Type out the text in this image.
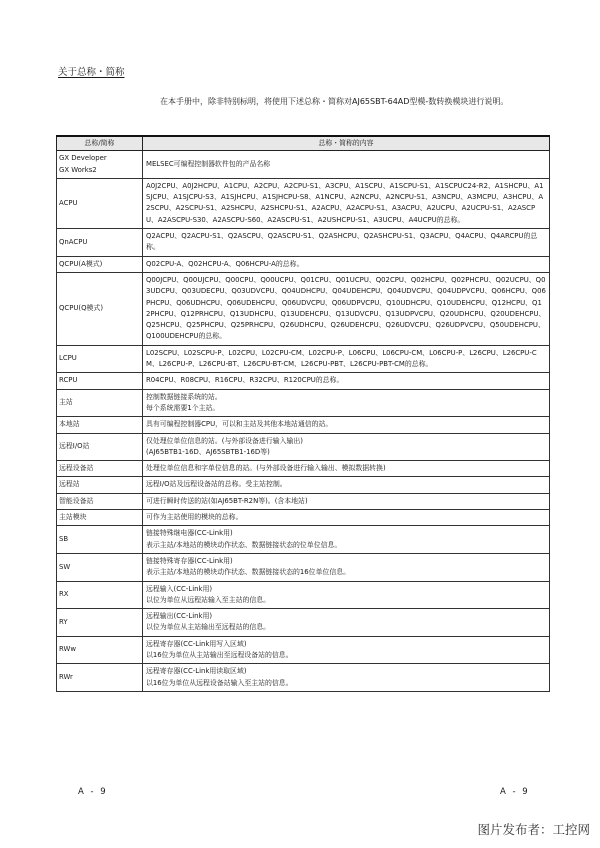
关于总称・简称
在本手册中，除非特别标明，将使用下述总称・简称对AJ65SBT-64AD型模-数转换模块进行说明。
总称/简称	总称・简称的内容

GX Developer
GX Works2	MELSEC可编程控制器软件包的产品名称

ACPU	A0J2CPU、A0J2HCPU、A1CPU、A2CPU、A2CPU-S1、A3CPU、A1SCPU、A1SCPU-S1、A1SCPUC24-R2、A1SHCPU、A1SJCPU、A1SJCPU-S3、A1SJHCPU、A1SJHCPU-S8、A1NCPU、A2NCPU、A2NCPU-S1、A3NCPU、A3MCPU、A3HCPU、A2SCPU、A2SCPU-S1、A2SHCPU、A2SHCPU-S1、A2ACPU、A2ACPU-S1、A3ACPU、A2UCPU、A2UCPU-S1、A2ASCPU、A2ASCPU-S30、A2ASCPU-S60、A2ASCPU-S1、A2USHCPU-S1、A3UCPU、A4UCPU的总称。

QnACPU	Q2ACPU、Q2ACPU-S1、Q2ASCPU、Q2ASCPU-S1、Q2ASHCPU、Q2ASHCPU-S1、Q3ACPU、Q4ACPU、Q4ARCPU的总称。

QCPU(A模式)	Q02CPU-A、Q02HCPU-A、Q06HCPU-A的总称。

QCPU(Q模式)	Q00JCPU、Q00UJCPU、Q00CPU、Q00UCPU、Q01CPU、Q01UCPU、Q02CPU、Q02HCPU、Q02PHCPU、Q02UCPU、Q03UDCPU、Q03UDECPU、Q03UDVCPU、Q04UDHCPU、Q04UDEHCPU、Q04UDVCPU、Q04UDPVCPU、Q06HCPU、Q06PHCPU、Q06UDHCPU、Q06UDEHCPU、Q06UDVCPU、Q06UDPVCPU、Q10UDHCPU、Q10UDEHCPU、Q12HCPU、Q12PHCPU、Q12PRHCPU、Q13UDHCPU、Q13UDEHCPU、Q13UDVCPU、Q13UDPVCPU、Q20UDHCPU、Q20UDEHCPU、Q25HCPU、Q25PHCPU、Q25PRHCPU、Q26UDHCPU、Q26UDEHCPU、Q26UDVCPU、Q26UDPVCPU、Q50UDEHCPU、Q100UDEHCPU的总称。

LCPU	L02SCPU、L02SCPU-P、L02CPU、L02CPU-CM、L02CPU-P、L06CPU、L06CPU-CM、L06CPU-P、L26CPU、L26CPU-CM、L26CPU-P、L26CPU-BT、L26CPU-BT-CM、L26CPU-PBT、L26CPU-PBT-CM的总称。

RCPU	R04CPU、R08CPU、R16CPU、R32CPU、R120CPU的总称。

主站	控制数据链接系统的站。
每个系统需要1个主站。

本地站	具有可编程控制器CPU，可以和主站及其他本地站通信的站。

远程I/O站	仅处理位单位信息的站。(与外部设备进行输入输出)
(AJ65BTB1-16D、AJ65SBTB1-16D等)

远程设备站	处理位单位信息和字单位信息的站。(与外部设备进行输入输出、模拟数据转换)

远程站	远程I/O站及远程设备站的总称。受主站控制。

智能设备站	可进行瞬时传送的站(如AJ65BT-R2N等)。(含本地站)

主站模块	可作为主站使用的模块的总称。

SB	链接特殊继电器(CC-Link用)
表示主站/本地站的模块动作状态、数据链接状态的位单位信息。

SW	链接特殊寄存器(CC-Link用)
表示主站/本地站的模块动作状态、数据链接状态的16位单位信息。

RX	远程输入(CC-Link用)
以位为单位从远程站输入至主站的信息。

RY	远程输出(CC-Link用)
以位为单位从主站输出至远程站的信息。

RWw	远程寄存器(CC-Link用写入区域)
以16位为单位从主站输出至远程设备站的信息。

RWr	远程寄存器(CC-Link用读取区域)
以16位为单位从远程设备站输入至主站的信息。
A - 9	A - 9
图片发布者：工控网
